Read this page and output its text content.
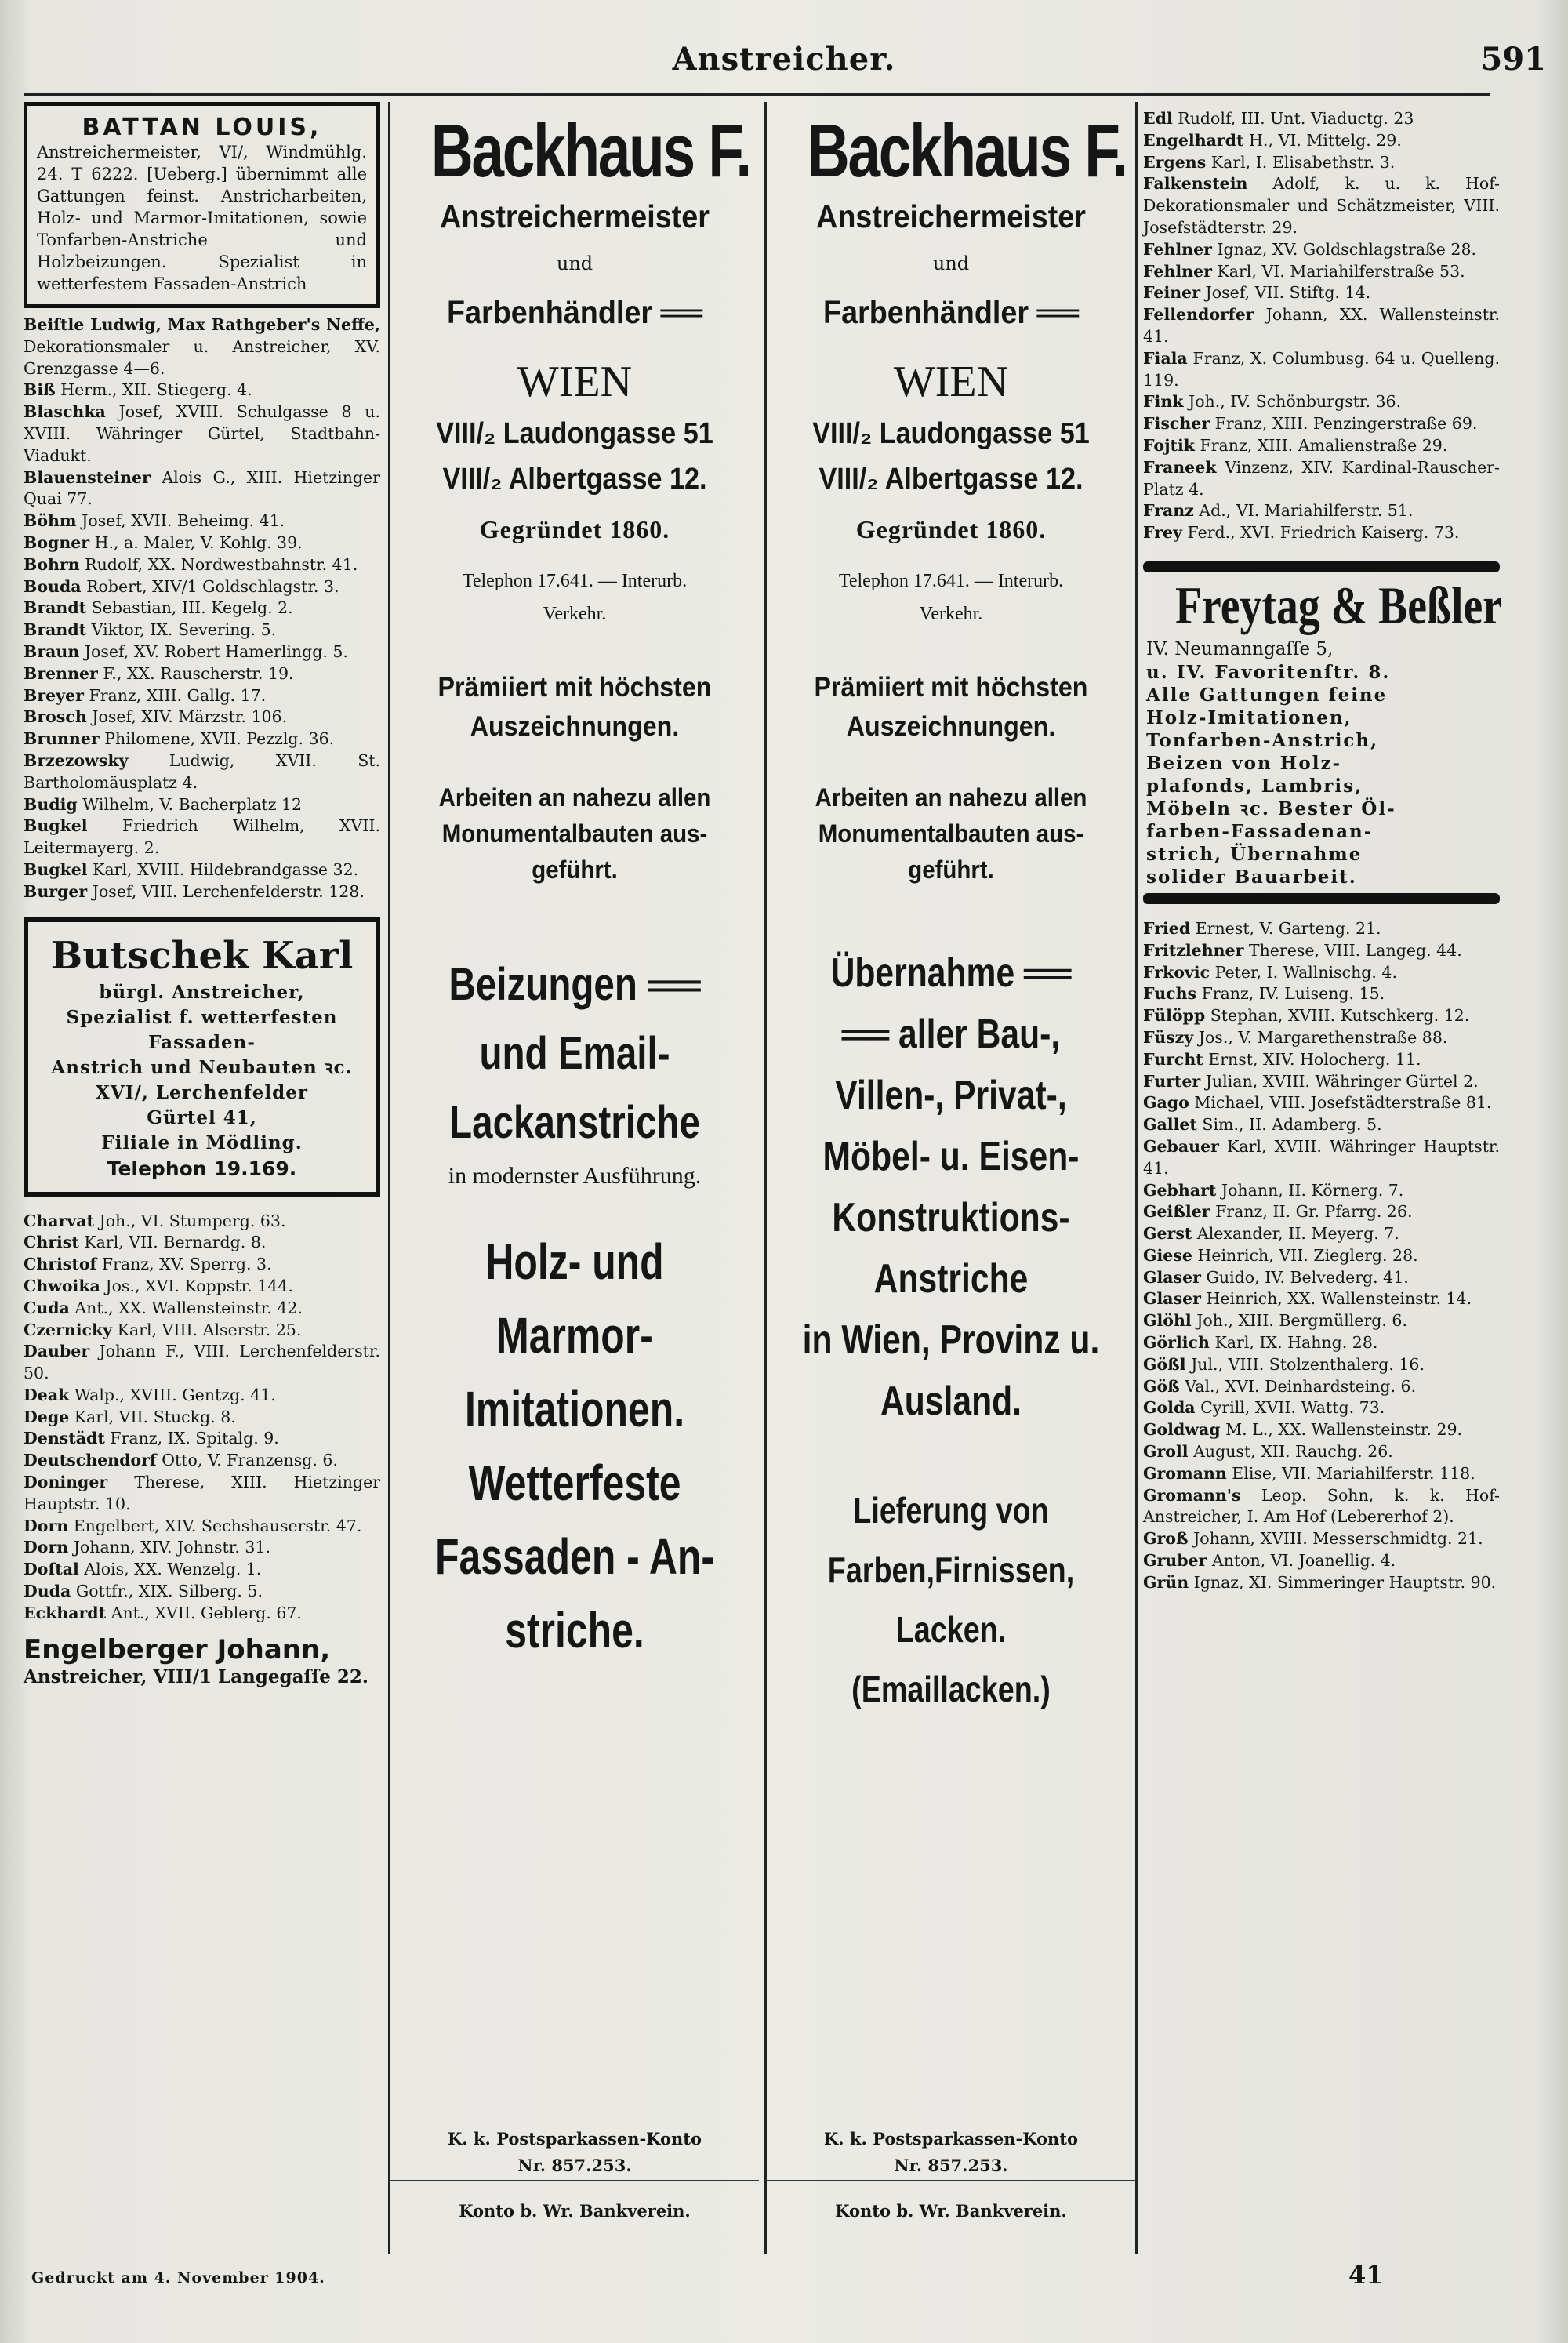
Anstreicher.	591
BATTAN LOUIS,
Anstreichermeister, VI/, Windmühlg. 24. T 6222. [Ueberg.] übernimmt alle Gattungen feinst. Anstricharbeiten, Holz- und Marmor-Imitationen, sowie Tonfarben-Anstriche und Holzbeizungen. Spezialist in wetterfestem Fassaden-Anstrich
Beiſtle Ludwig, Max Rathgeber's Neffe, Dekorationsmaler u. Anstreicher, XV. Grenzgasse 4—6.
Biß Herm., XII. Stiegerg. 4.
Blaschka Josef, XVIII. Schulgasse 8 u. XVIII. Währinger Gürtel, Stadtbahn-Viadukt.
Blauensteiner Alois G., XIII. Hietzinger Quai 77.
Böhm Josef, XVII. Beheimg. 41.
Bogner H., a. Maler, V. Kohlg. 39.
Bohrn Rudolf, XX. Nordwestbahnstr. 41.
Bouda Robert, XIV/1 Goldschlagstr. 3.
Brandt Sebastian, III. Kegelg. 2.
Brandt Viktor, IX. Severing. 5.
Braun Josef, XV. Robert Hamerlingg. 5.
Brenner F., XX. Rauscherstr. 19.
Breyer Franz, XIII. Gallg. 17.
Brosch Josef, XIV. Märzstr. 106.
Brunner Philomene, XVII. Pezzlg. 36.
Brzezowsky	Ludwig, XVII. St. Bartholomäusplatz 4.
Budig Wilhelm, V. Bacherplatz 12
Bugkel Friedrich Wilhelm, XVII. Leitermayerg. 2.
Bugkel Karl, XVIII. Hildebrandgasse 32.
Burger Josef, VIII. Lerchenfelderstr. 128.
Butschek Karl
bürgl. Anstreicher,
Spezialist f. wetterfesten Fassaden-
Anstrich und Neubauten ꝛc.
XVI/, Lerchenfelder
Gürtel 41,
Filiale in Mödling.
Telephon 19.169.
Charvat Joh., VI. Stumperg. 63.
Christ Karl, VII. Bernardg. 8.
Christof Franz, XV. Sperrg. 3.
Chwoika Jos., XVI. Koppstr. 144.
Cuda Ant., XX. Wallensteinstr. 42.
Czernicky Karl, VIII. Alserstr. 25.
Dauber Johann F., VIII. Lerchenfelderstr. 50.
Deak Walp., XVIII. Gentzg. 41.
Dege Karl, VII. Stuckg. 8.
Denstädt Franz, IX. Spitalg. 9.
Deutschendorf Otto, V. Franzensg. 6.
Doninger Therese, XIII. Hietzinger Hauptstr. 10.
Dorn Engelbert, XIV. Sechshauserstr. 47.
Dorn Johann, XIV. Johnstr. 31.
Doſtal Alois, XX. Wenzelg. 1.
Duda Gottfr., XIX. Silberg. 5.
Eckhardt Ant., XVII. Geblerg. 67.
Engelberger Johann,
Anstreicher, VIII/1 Langegaſſe 22.
Backhaus F.
Anstreichermeister
und
Farbenhändler ══
WIEN
VIII/₂ Laudongasse 51
VIII/₂ Albertgasse 12.
Gegründet 1860.
Telephon 17.641. — Interurb.
Verkehr.
Prämiiert mit höchsten
Auszeichnungen.
Arbeiten an nahezu allen
Monumentalbauten aus-
geführt.
Beizungen ══
und Email-
Lackanstriche
in modernster Ausführung.
Holz- und
Marmor-
Imitationen.
Wetterfeste
Fassaden - An-
striche.
K. k. Postsparkassen-Konto
Nr. 857.253.
Konto b. Wr. Bankverein.
Backhaus F.
Anstreichermeister
und
Farbenhändler ══
WIEN
VIII/₂ Laudongasse 51
VIII/₂ Albertgasse 12.
Gegründet 1860.
Telephon 17.641. — Interurb.
Verkehr.
Prämiiert mit höchsten
Auszeichnungen.
Arbeiten an nahezu allen
Monumentalbauten aus-
geführt.
Übernahme ══
══ aller Bau-,
Villen-, Privat-,
Möbel- u. Eisen-
Konstruktions-
Anstriche
in Wien, Provinz u.
Ausland.
Lieferung von
Farben,Firnissen,
Lacken.
(Emaillacken.)
K. k. Postsparkassen-Konto
Nr. 857.253.
Konto b. Wr. Bankverein.
Edl Rudolf, III. Unt. Viaductg. 23
Engelhardt H., VI. Mittelg. 29.
Ergens Karl, I. Elisabethstr. 3.
Falkenstein Adolf, k. u. k. Hof-Dekorationsmaler und Schätzmeister, VIII. Josefstädterstr. 29.
Fehlner Ignaz, XV. Goldschlagstraße 28.
Fehlner Karl, VI. Mariahilferstraße 53.
Feiner Josef, VII. Stiftg. 14.
Fellendorfer Johann, XX. Wallensteinstr. 41.
Fiala Franz, X. Columbusg. 64 u. Quelleng. 119.
Fink Joh., IV. Schönburgstr. 36.
Fischer Franz, XIII. Penzingerstraße 69.
Fojtik Franz, XIII. Amalienstraße 29.
Franeek Vinzenz, XIV. Kardinal-Rauscher-Platz 4.
Franz Ad., VI. Mariahilferstr. 51.
Frey Ferd., XVI. Friedrich Kaiserg. 73.
Freytag & Beßler
IV. Neumanngaſſe 5,
u. IV. Favoritenſtr. 8.
Alle Gattungen feine
Holz-Imitationen,
Tonfarben-Anstrich,
Beizen von Holz-
plafonds, Lambris,
Möbeln ꝛc. Bester Öl-
farben-Fassadenan-
strich, Übernahme
solider Bauarbeit.
Fried Ernest, V. Garteng. 21.
Fritzlehner Therese, VIII. Langeg. 44.
Frkovic Peter, I. Wallnischg. 4.
Fuchs Franz, IV. Luiseng. 15.
Fülöpp Stephan, XVIII. Kutschkerg. 12.
Füszy Jos., V. Margarethenstraße 88.
Furcht Ernst, XIV. Holocherg. 11.
Furter Julian, XVIII. Währinger Gürtel 2.
Gago Michael, VIII. Josefstädterstraße 81.
Gallet Sim., II. Adamberg. 5.
Gebauer Karl, XVIII. Währinger Hauptstr. 41.
Gebhart Johann, II. Körnerg. 7.
Geißler Franz, II. Gr. Pfarrg. 26.
Gerst Alexander, II. Meyerg. 7.
Giese Heinrich, VII. Zieglerg. 28.
Glaser Guido, IV. Belvederg. 41.
Glaser Heinrich, XX. Wallensteinstr. 14.
Glöhl Joh., XIII. Bergmüllerg. 6.
Görlich Karl, IX. Hahng. 28.
Gößl Jul., VIII. Stolzenthalerg. 16.
Göß Val., XVI. Deinhardsteing. 6.
Golda Cyrill, XVII. Wattg. 73.
Goldwag M. L., XX. Wallensteinstr. 29.
Groll August, XII. Rauchg. 26.
Gromann Elise, VII. Mariahilferstr. 118.
Gromann's Leop. Sohn, k. k. Hof-Anstreicher, I. Am Hof (Lebererhof 2).
Groß Johann, XVIII. Messerschmidtg. 21.
Gruber Anton, VI. Joanellig. 4.
Grün Ignaz, XI. Simmeringer Hauptstr. 90.
Gedruckt am 4. November 1904.	41
